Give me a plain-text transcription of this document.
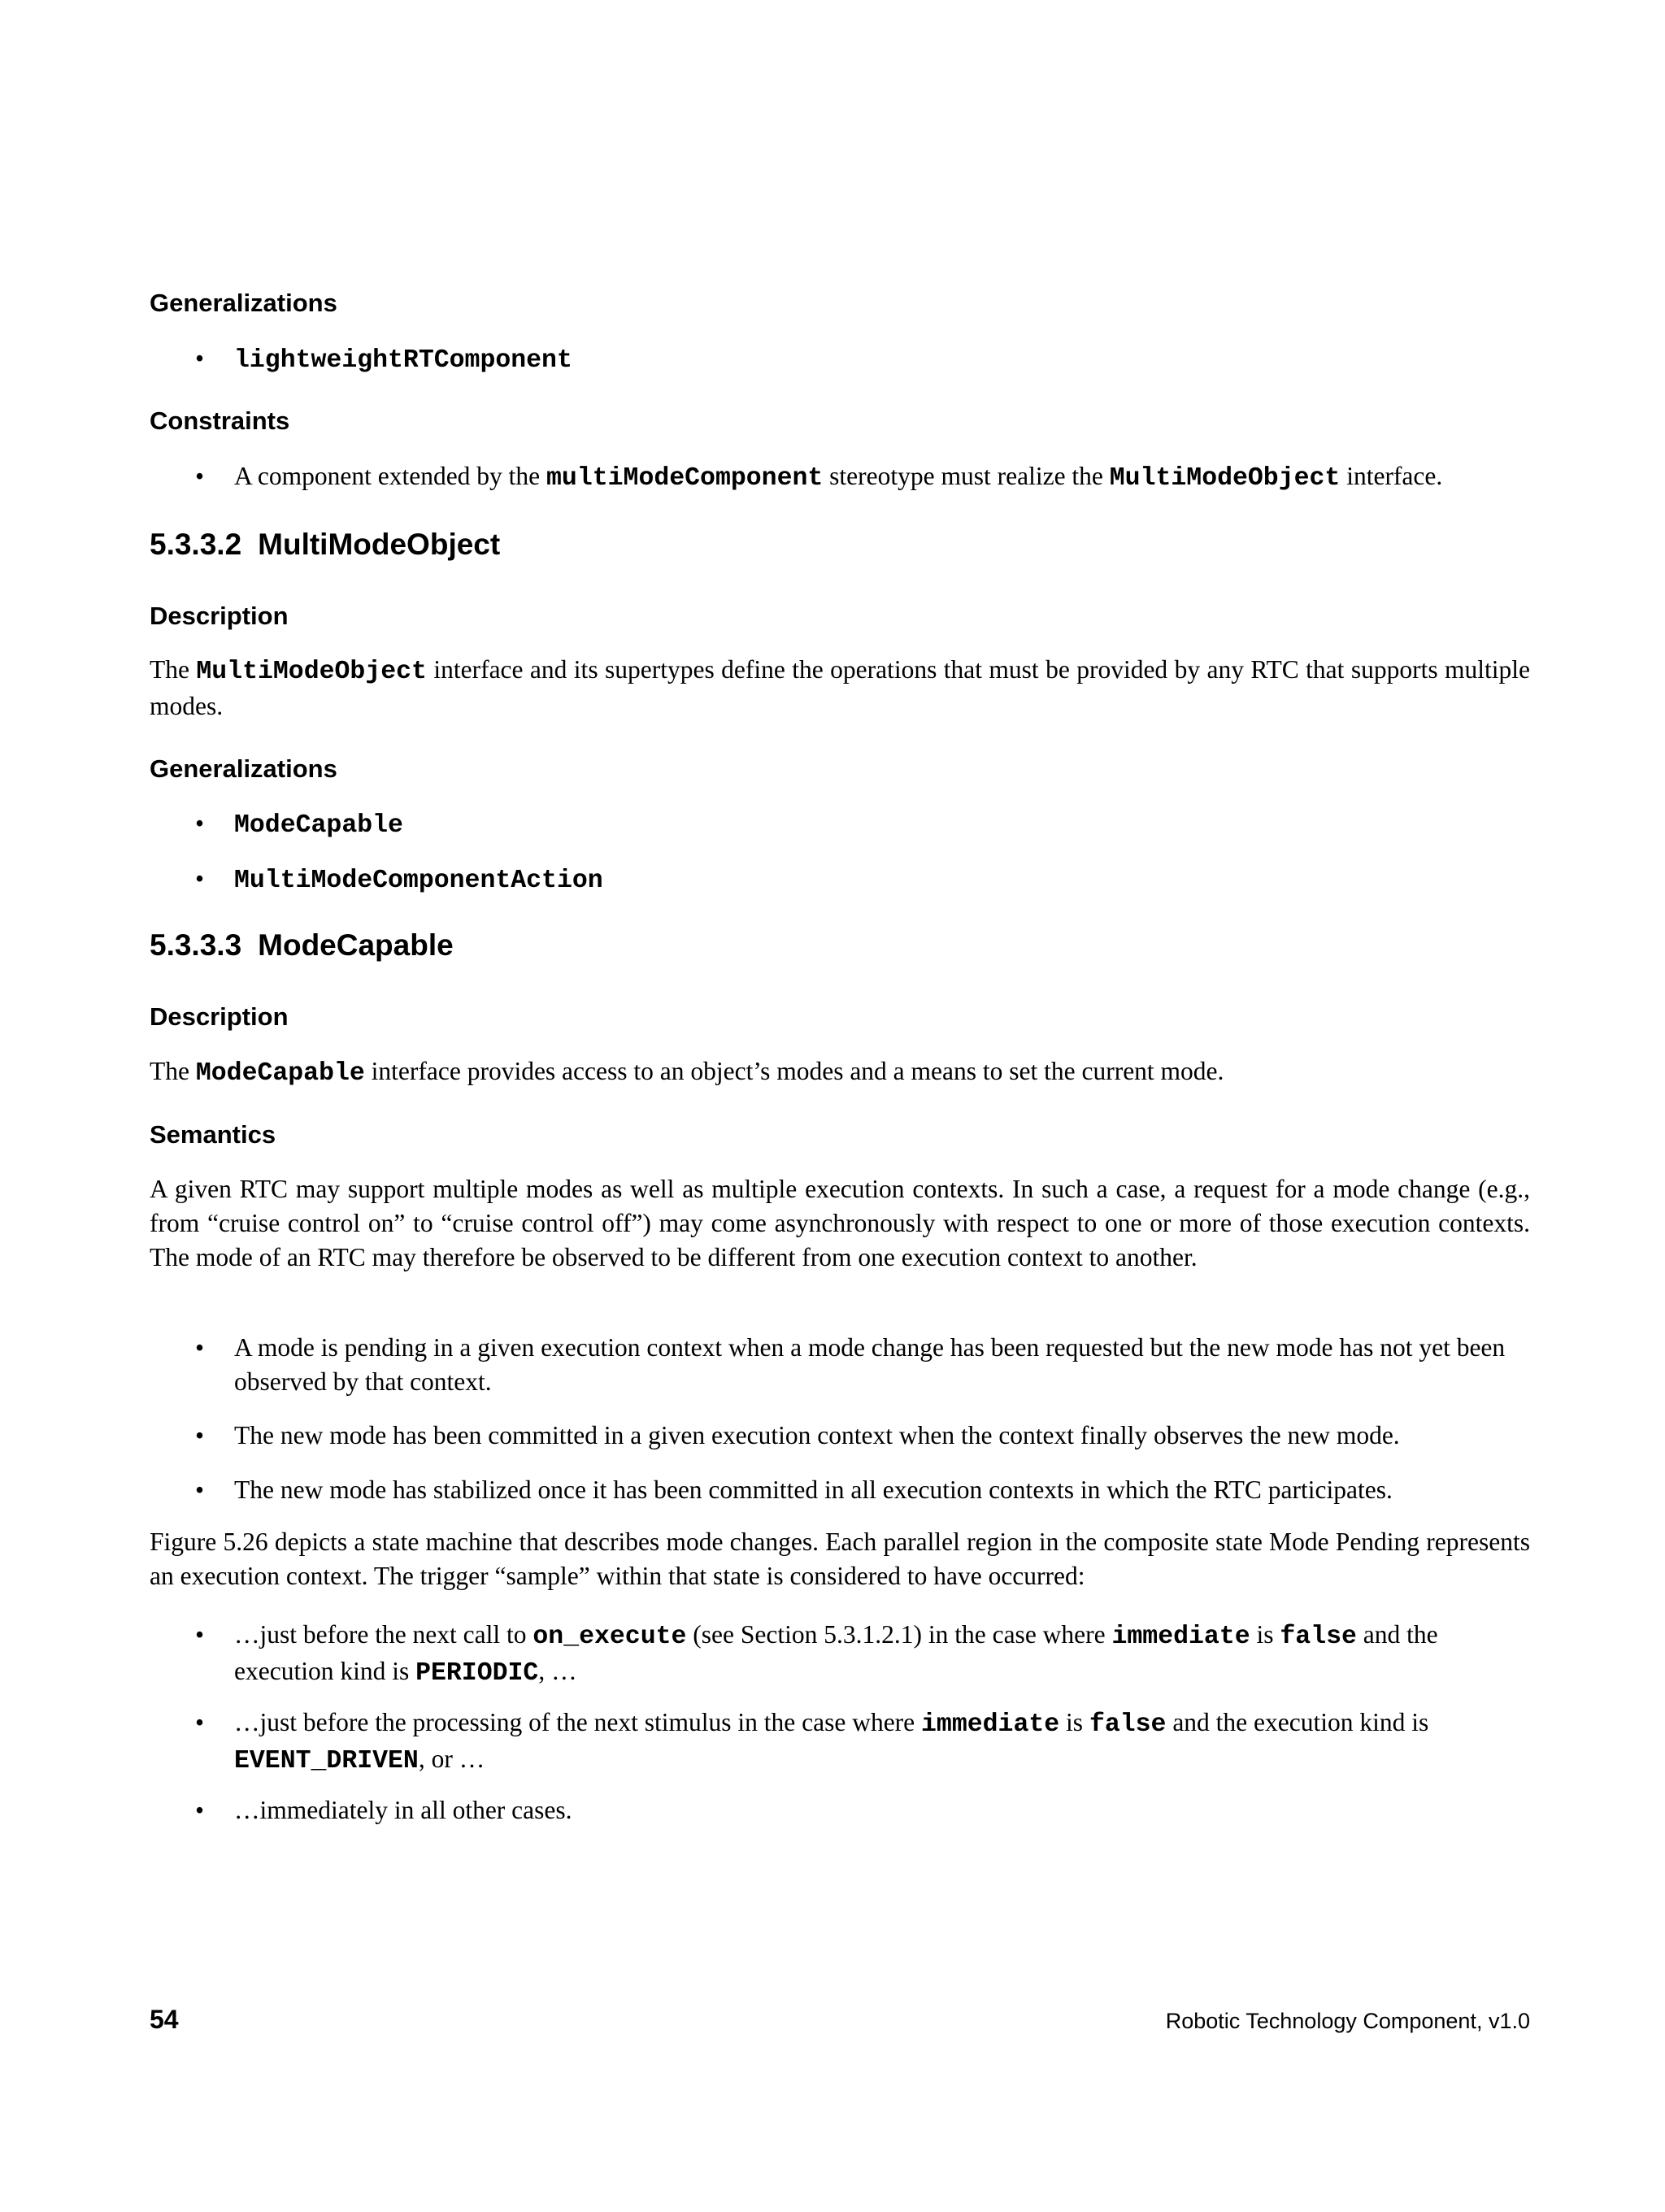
Generalizations
• lightweightRTComponent
Constraints
• A component extended by the multiModeComponent stereotype must realize the MultiModeObject interface.
5.3.3.2 MultiModeObject
Description

The MultiModeObject interface and its supertypes define the operations that must be provided by any RTC that supports multiple modes.

Generalizations
• ModeCapable
• MultiModeComponentAction
5.3.3.3 ModeCapable
Description

The ModeCapable interface provides access to an object’s modes and a means to set the current mode.

Semantics

A given RTC may support multiple modes as well as multiple execution contexts. In such a case, a request for a mode change (e.g., from “cruise control on” to “cruise control off”) may come asynchronously with respect to one or more of those execution contexts. The mode of an RTC may therefore be observed to be different from one execution context to another.

• A mode is pending in a given execution context when a mode change has been requested but the new mode has not yet been observed by that context.
• The new mode has been committed in a given execution context when the context finally observes the new mode.
• The new mode has stabilized once it has been committed in all execution contexts in which the RTC participates.

Figure 5.26 depicts a state machine that describes mode changes. Each parallel region in the composite state Mode Pending represents an execution context. The trigger “sample” within that state is considered to have occurred:

• …just before the next call to on_execute (see Section 5.3.1.2.1) in the case where immediate is false and the execution kind is PERIODIC, …
• …just before the processing of the next stimulus in the case where immediate is false and the execution kind is EVENT_DRIVEN, or …
• …immediately in all other cases.
54	Robotic Technology Component, v1.0
